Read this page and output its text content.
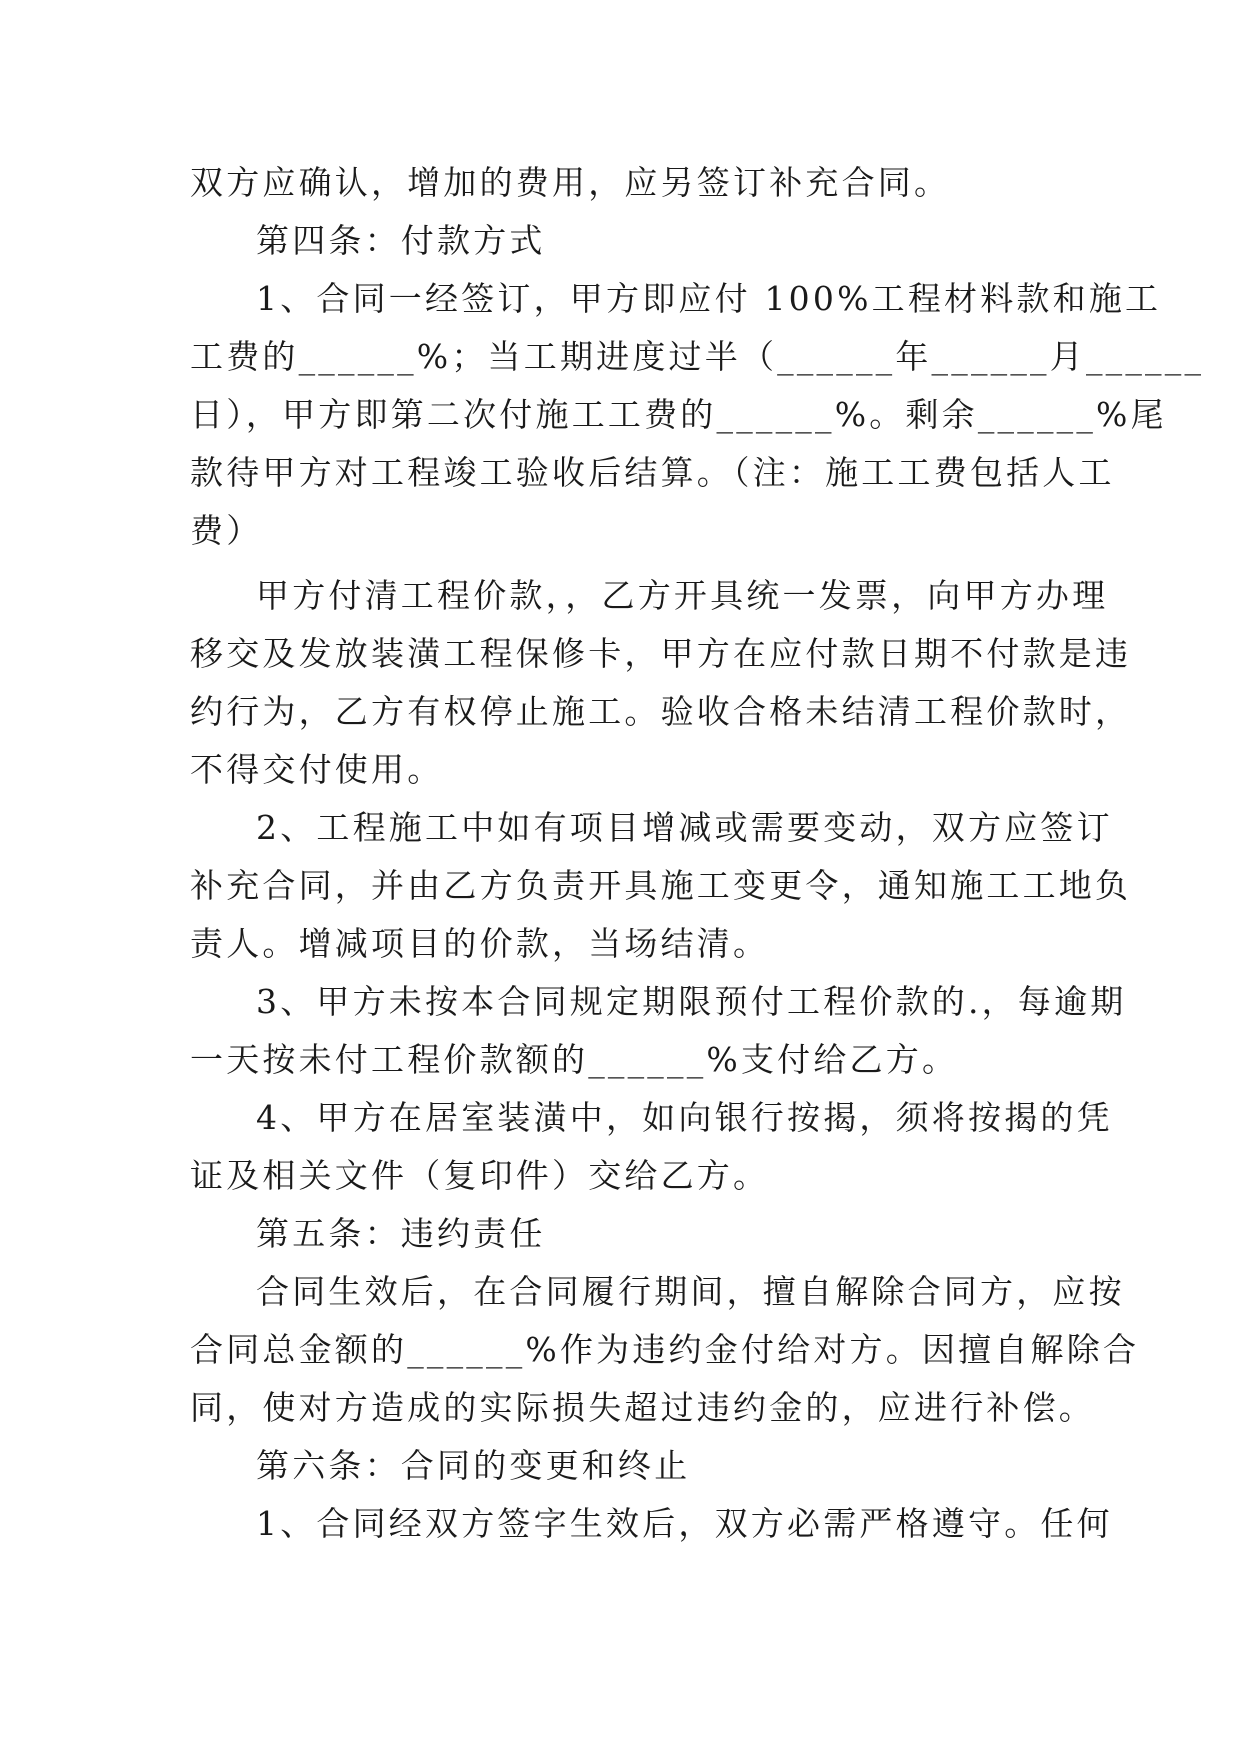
双方应确认，增加的费用，应另签订补充合同。
第四条：付款方式
1、合同一经签订，甲方即应付 100%工程材料款和施工
工费的______%；当工期进度过半（______年______月______
日），甲方即第二次付施工工费的______%。剩余______%尾
款待甲方对工程竣工验收后结算。（注：施工工费包括人工
费）
甲方付清工程价款，，乙方开具统一发票，向甲方办理
移交及发放装潢工程保修卡，甲方在应付款日期不付款是违
约行为，乙方有权停止施工。验收合格未结清工程价款时，
不得交付使用。
2、工程施工中如有项目增减或需要变动，双方应签订
补充合同，并由乙方负责开具施工变更令，通知施工工地负
责人。增减项目的价款，当场结清。
3、甲方未按本合同规定期限预付工程价款的.，每逾期
一天按未付工程价款额的______%支付给乙方。
4、甲方在居室装潢中，如向银行按揭，须将按揭的凭
证及相关文件（复印件）交给乙方。
第五条：违约责任
合同生效后，在合同履行期间，擅自解除合同方，应按
合同总金额的______%作为违约金付给对方。因擅自解除合
同，使对方造成的实际损失超过违约金的，应进行补偿。
第六条：合同的变更和终止
1、合同经双方签字生效后，双方必需严格遵守。任何
